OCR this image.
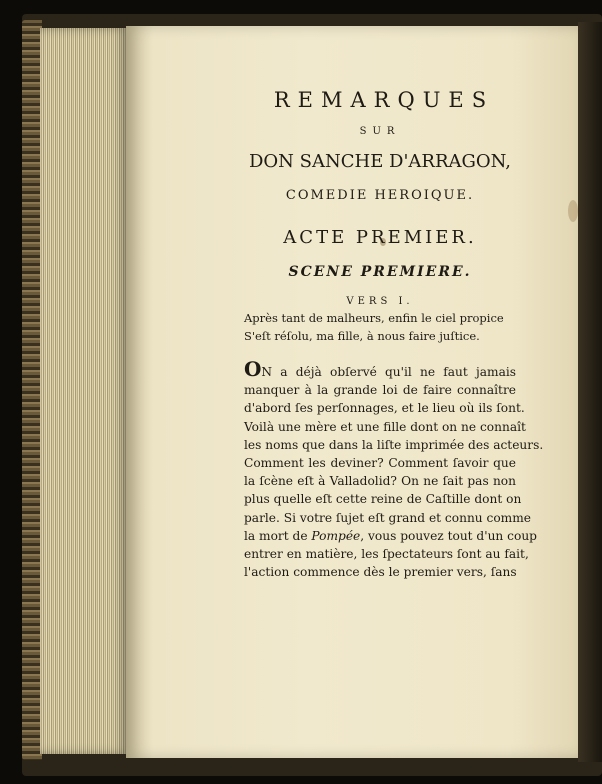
REMARQUES

SUR

DON SANCHE D'ARRAGON,

COMEDIE HEROIQUE.

ACTE PREMIER.

SCENE PREMIERE.

VERS I.

Après tant de malheurs, enfin le ciel propice
S'eſt réſolu, ma fille, à nous faire juſtice.
ON a déjà obſervé qu'il ne faut jamais
manquer à la grande loi de faire connaître
d'abord ſes perſonnages, et le lieu où ils ſont.
Voilà une mère et une fille dont on ne connaît
les noms que dans la liſte imprimée des acteurs.
Comment les deviner? Comment ſavoir que
la ſcène eſt à Valladolid? On ne ſait pas non
plus quelle eſt cette reine de Caſtille dont on
parle. Si votre ſujet eſt grand et connu comme
la mort de Pompée, vous pouvez tout d'un coup
entrer en matière, les ſpectateurs ſont au fait,
l'action commence dès le premier vers, ſans
